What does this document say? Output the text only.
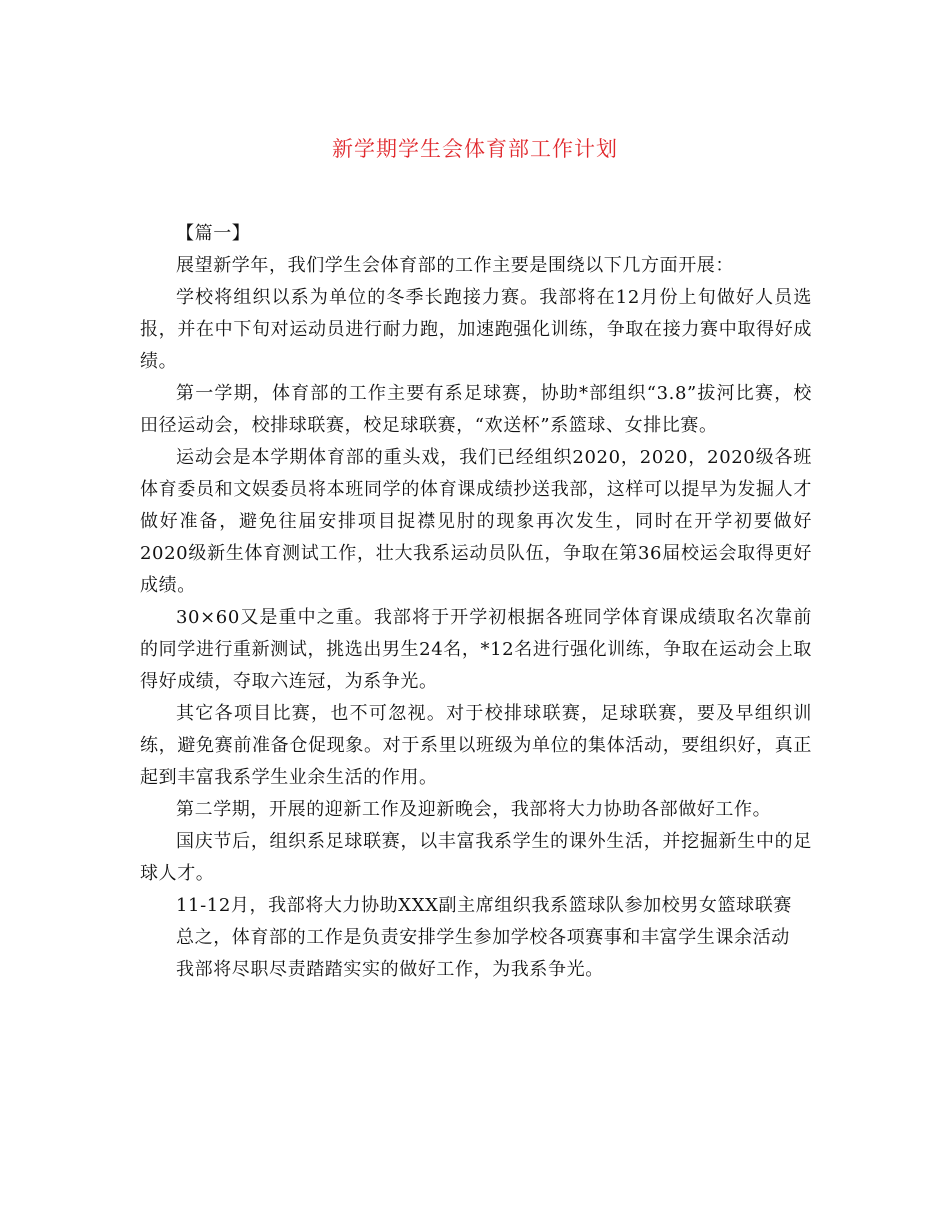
新学期学生会体育部工作计划

【篇一】

展望新学年，我们学生会体育部的工作主要是围绕以下几方面开展：

学校将组织以系为单位的冬季长跑接力赛。我部将在12月份上旬做好人员选报，并在中下旬对运动员进行耐力跑，加速跑强化训练，争取在接力赛中取得好成绩。

第一学期，体育部的工作主要有系足球赛，协助*部组织“3.8”拔河比赛，校田径运动会，校排球联赛，校足球联赛，“欢送杯”系篮球、女排比赛。

运动会是本学期体育部的重头戏，我们已经组织2020，2020，2020级各班体育委员和文娱委员将本班同学的体育课成绩抄送我部，这样可以提早为发掘人才做好准备，避免往届安排项目捉襟见肘的现象再次发生，同时在开学初要做好2020级新生体育测试工作，壮大我系运动员队伍，争取在第36届校运会取得更好成绩。

30×60又是重中之重。我部将于开学初根据各班同学体育课成绩取名次靠前的同学进行重新测试，挑选出男生24名，*12名进行强化训练，争取在运动会上取得好成绩，夺取六连冠，为系争光。

其它各项目比赛，也不可忽视。对于校排球联赛，足球联赛，要及早组织训练，避免赛前准备仓促现象。对于系里以班级为单位的集体活动，要组织好，真正起到丰富我系学生业余生活的作用。

第二学期，开展的迎新工作及迎新晚会，我部将大力协助各部做好工作。

国庆节后，组织系足球联赛，以丰富我系学生的课外生活，并挖掘新生中的足球人才。

11-12月，我部将大力协助XXX副主席组织我系篮球队参加校男女篮球联赛

总之，体育部的工作是负责安排学生参加学校各项赛事和丰富学生课余活动

我部将尽职尽责踏踏实实的做好工作，为我系争光。
